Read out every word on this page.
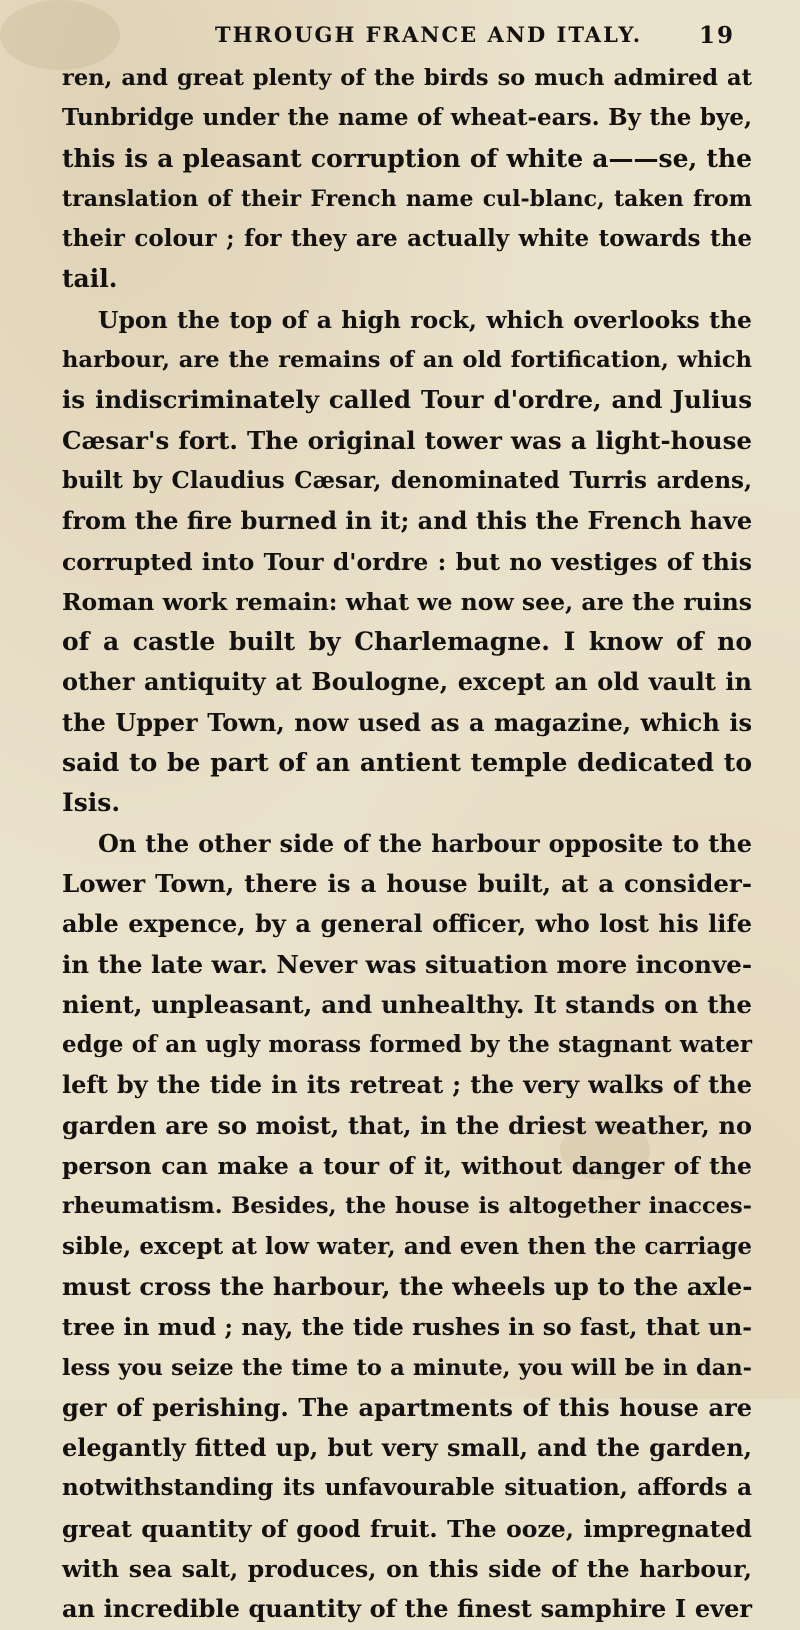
THROUGH FRANCE AND ITALY. 19
ren, and great plenty of the birds so much admired at
Tunbridge under the name of wheat-ears. By the bye,
this is a pleasant corruption of white a——se, the
translation of their French name cul-blanc, taken from
their colour ; for they are actually white towards the
tail.
Upon the top of a high rock, which overlooks the
harbour, are the remains of an old fortification, which
is indiscriminately called Tour d'ordre, and Julius
Cæsar's fort. The original tower was a light-house
built by Claudius Cæsar, denominated Turris ardens,
from the fire burned in it; and this the French have
corrupted into Tour d'ordre : but no vestiges of this
Roman work remain: what we now see, are the ruins
of a castle built by Charlemagne. I know of no
other antiquity at Boulogne, except an old vault in
the Upper Town, now used as a magazine, which is
said to be part of an antient temple dedicated to
Isis.
On the other side of the harbour opposite to the
Lower Town, there is a house built, at a consider-
able expence, by a general officer, who lost his life
in the late war. Never was situation more inconve-
nient, unpleasant, and unhealthy. It stands on the
edge of an ugly morass formed by the stagnant water
left by the tide in its retreat ; the very walks of the
garden are so moist, that, in the driest weather, no
person can make a tour of it, without danger of the
rheumatism. Besides, the house is altogether inacces-
sible, except at low water, and even then the carriage
must cross the harbour, the wheels up to the axle-
tree in mud ; nay, the tide rushes in so fast, that un-
less you seize the time to a minute, you will be in dan-
ger of perishing. The apartments of this house are
elegantly fitted up, but very small, and the garden,
notwithstanding its unfavourable situation, affords a
great quantity of good fruit. The ooze, impregnated
with sea salt, produces, on this side of the harbour,
an incredible quantity of the finest samphire I ever
